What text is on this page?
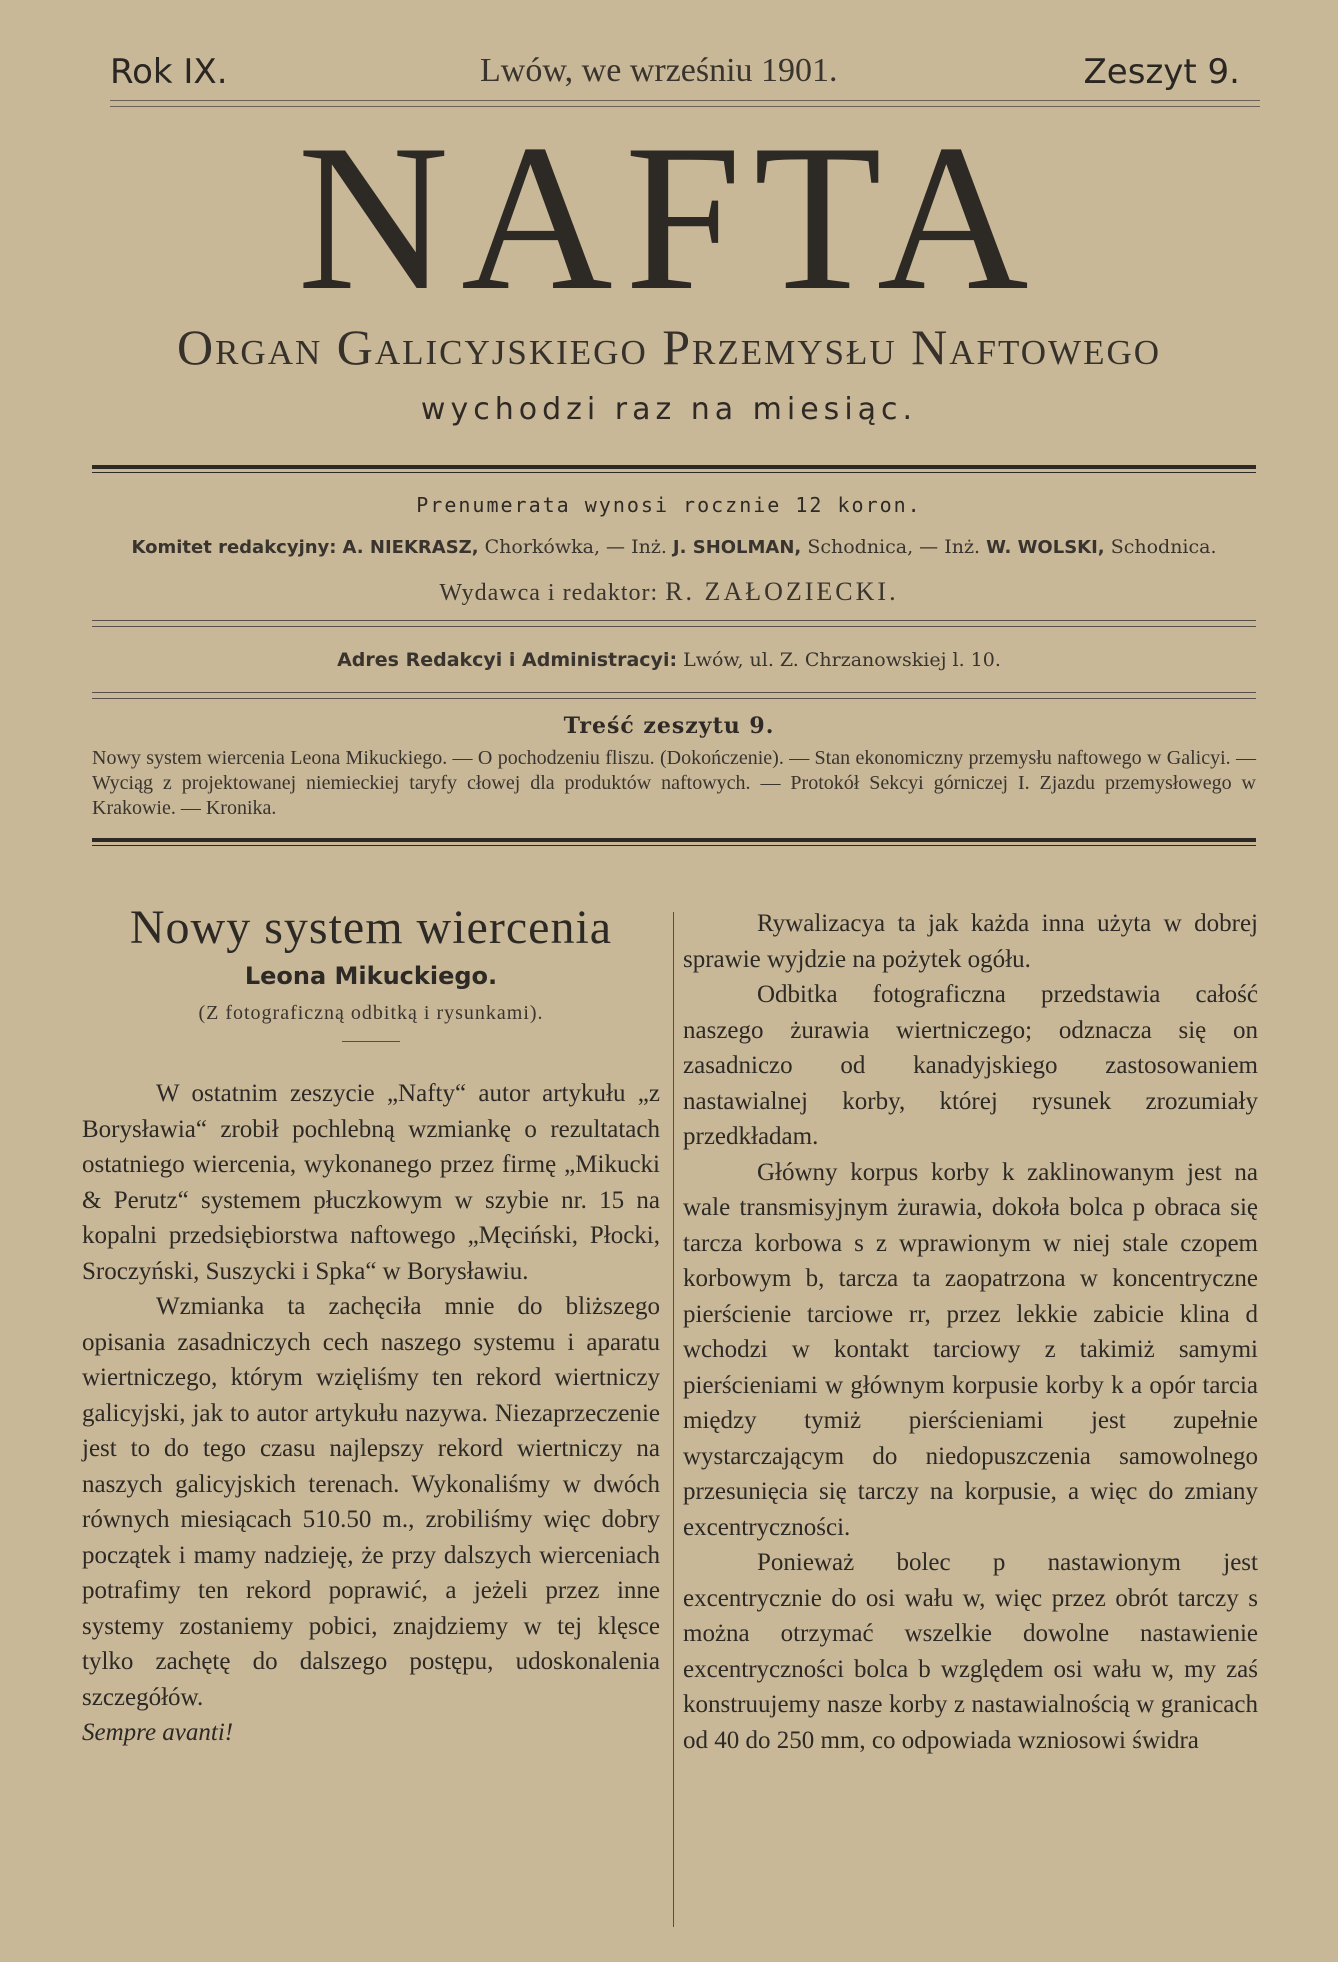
Rok IX.	Lwów, we wrześniu 1901.	Zeszyt 9.
NAFTA
Organ Galicyjskiego Przemysłu Naftowego
wychodzi raz na miesiąc.
Prenumerata wynosi rocznie 12 koron.
Komitet redakcyjny: A. NIEKRASZ, Chorkówka, — Inż. J. SHOLMAN, Schodnica, — Inż. W. WOLSKI, Schodnica.
Wydawca i redaktor: R. ZAŁOZIECKI.
Adres Redakcyi i Administracyi: Lwów, ul. Z. Chrzanowskiej l. 10.
Treść zeszytu 9.
Nowy system wiercenia Leona Mikuckiego. — O pochodzeniu fliszu. (Dokończenie). — Stan ekonomiczny przemysłu naftowego w Galicyi. — Wyciąg z projektowanej niemieckiej taryfy cłowej dla produktów naftowych. — Protokół Sekcyi górniczej I. Zjazdu przemysłowego w Krakowie. — Kronika.
Nowy system wiercenia
Leona Mikuckiego.
(Z fotograficzną odbitką i rysunkami).

W ostatnim zeszycie „Nafty“ autor artykułu „z Borysławia“ zrobił pochlebną wzmiankę o rezultatach ostatniego wiercenia, wykonanego przez firmę „Mikucki & Perutz“ systemem płuczkowym w szybie nr. 15 na kopalni przedsiębiorstwa naftowego „Męciński, Płocki, Sroczyński, Suszycki i Spka“ w Borysławiu.

Wzmianka ta zachęciła mnie do bliższego opisania zasadniczych cech naszego systemu i aparatu wiertniczego, którym wzięliśmy ten rekord wiertniczy galicyjski, jak to autor artykułu nazywa. Niezaprzeczenie jest to do tego czasu najlepszy rekord wiertniczy na naszych galicyjskich terenach. Wykonaliśmy w dwóch równych miesiącach 510.50 m., zrobiliśmy więc dobry początek i mamy nadzieję, że przy dalszych wierceniach potrafimy ten rekord poprawić, a jeżeli przez inne systemy zostaniemy pobici, znajdziemy w tej klęsce tylko zachętę do dalszego postępu, udoskonalenia szczegółów.

Sempre avanti!

Rywalizacya ta jak każda inna użyta w dobrej sprawie wyjdzie na pożytek ogółu.

Odbitka fotograficzna przedstawia całość naszego żurawia wiertniczego; odznacza się on zasadniczo od kanadyjskiego zastosowaniem nastawialnej korby, której rysunek zrozumiały przedkładam.

Główny korpus korby k zaklinowanym jest na wale transmisyjnym żurawia, dokoła bolca p obraca się tarcza korbowa s z wprawionym w niej stale czopem korbowym b, tarcza ta zaopatrzona w koncentryczne pierścienie tarciowe rr, przez lekkie zabicie klina d wchodzi w kontakt tarciowy z takimiż samymi pierścieniami w głównym korpusie korby k a opór tarcia między tymiż pierścieniami jest zupełnie wystarczającym do niedopuszczenia samowolnego przesunięcia się tarczy na korpusie, a więc do zmiany excentryczności.

Ponieważ bolec p nastawionym jest excentrycznie do osi wału w, więc przez obrót tarczy s można otrzymać wszelkie dowolne nastawienie excentryczności bolca b względem osi wału w, my zaś konstruujemy nasze korby z nastawialnością w granicach od 40 do 250 mm, co odpowiada wzniosowi świdra
